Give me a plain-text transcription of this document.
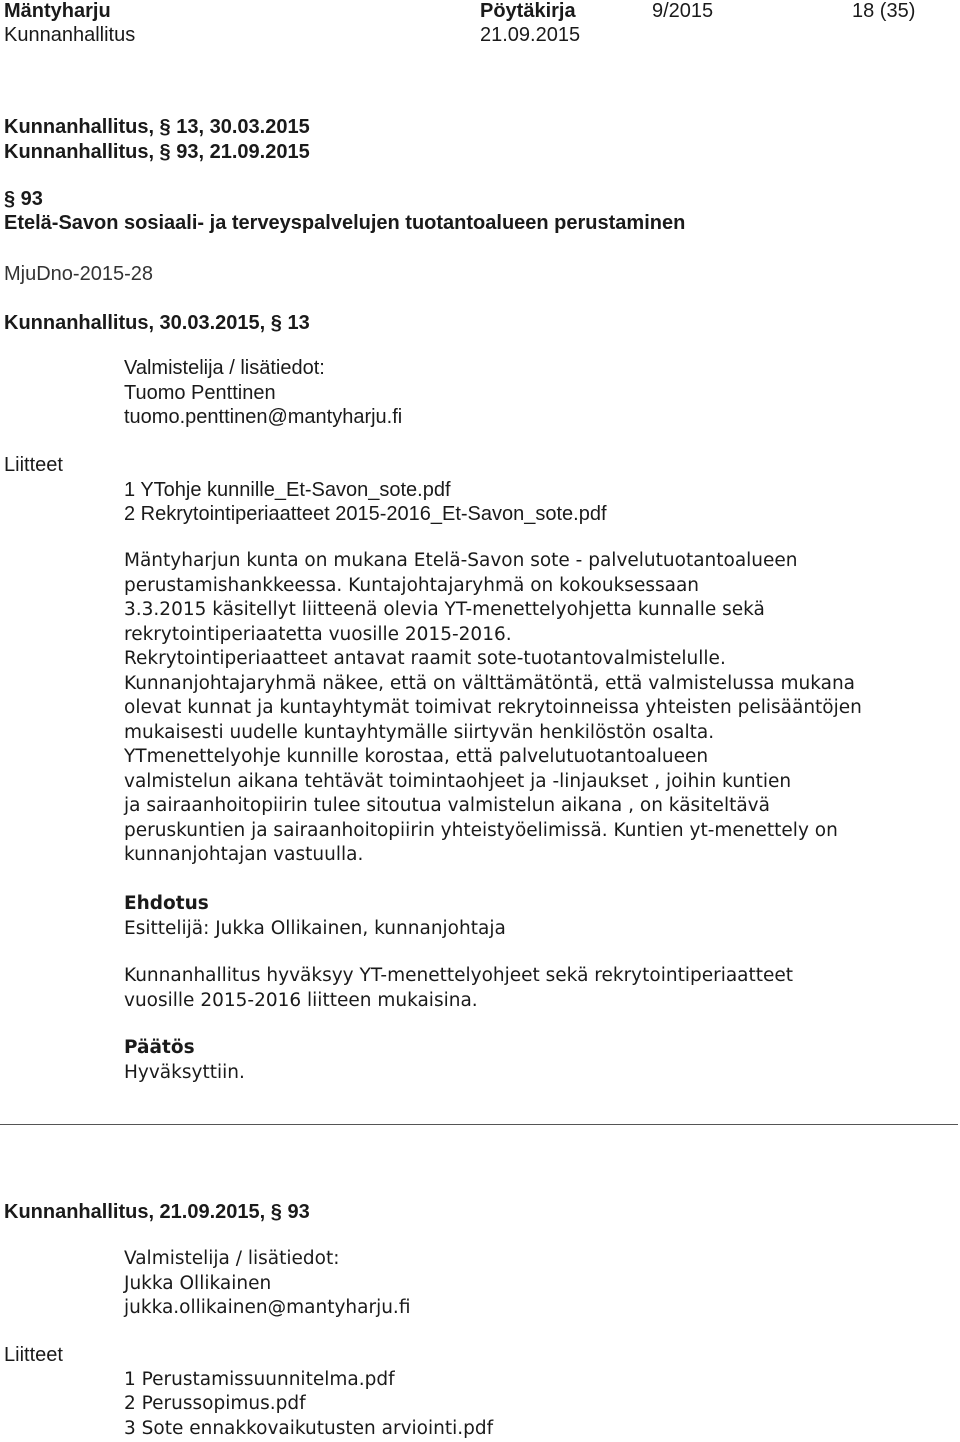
Mäntyharju
Kunnanhallitus
Pöytäkirja
21.09.2015
9/2015	18 (35)
Kunnanhallitus, § 13, 30.03.2015
Kunnanhallitus, § 93, 21.09.2015
§ 93
Etelä-Savon sosiaali- ja terveyspalvelujen tuotantoalueen perustaminen
MjuDno-2015-28
Kunnanhallitus, 30.03.2015, § 13
Valmistelija / lisätiedot:
Tuomo Penttinen
tuomo.penttinen@mantyharju.fi
Liitteet
1 YTohje kunnille_Et-Savon_sote.pdf
2 Rekrytointiperiaatteet 2015-2016_Et-Savon_sote.pdf
Mäntyharjun kunta on mukana Etelä-Savon sote - palvelutuotantoalueen
perustamishankkeessa. Kuntajohtajaryhmä on kokouksessaan
3.3.2015 käsitellyt liitteenä olevia YT-menettelyohjetta kunnalle sekä
rekrytointiperiaatetta vuosille 2015-2016.
Rekrytointiperiaatteet antavat raamit sote-tuotantovalmistelulle.
Kunnanjohtajaryhmä näkee, että on välttämätöntä, että valmistelussa mukana
olevat kunnat ja kuntayhtymät toimivat rekrytoinneissa yhteisten pelisääntöjen
mukaisesti uudelle kuntayhtymälle siirtyvän henkilöstön osalta.
YTmenettelyohje kunnille korostaa, että palvelutuotantoalueen
valmistelun aikana tehtävät toimintaohjeet ja -linjaukset , joihin kuntien
ja sairaanhoitopiirin tulee sitoutua valmistelun aikana , on käsiteltävä
peruskuntien ja sairaanhoitopiirin yhteistyöelimissä. Kuntien yt-menettely on
kunnanjohtajan vastuulla.
Ehdotus
Esittelijä: Jukka Ollikainen, kunnanjohtaja
Kunnanhallitus hyväksyy YT-menettelyohjeet sekä rekrytointiperiaatteet
vuosille 2015-2016 liitteen mukaisina.
Päätös
Hyväksyttiin.
Kunnanhallitus, 21.09.2015, § 93
Valmistelija / lisätiedot:
Jukka Ollikainen
jukka.ollikainen@mantyharju.fi
Liitteet
1 Perustamissuunnitelma.pdf
2 Perussopimus.pdf
3 Sote ennakkovaikutusten arviointi.pdf
